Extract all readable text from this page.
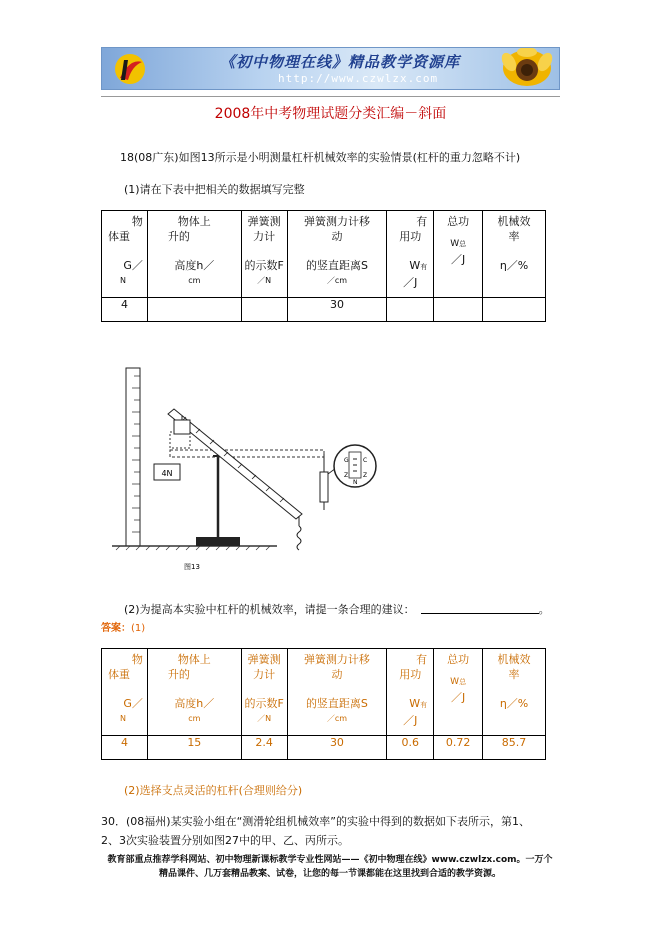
《初中物理在线》精品教学资源库
http://www.czwlzx.com
2008年中考物理试题分类汇编－斜面
18(08广东)如图13所示是小明测量杠杆机械效率的实验情景(杠杆的重力忽略不计)
(1)请在下表中把相关的数据填写完整
物
体重
G／
N	物体上
升的
高度h／
cm	弹簧测
力计
的示数F
／N	弹簧测力计移
动
的竖直距离S
／cm	有
用功
W有
／J	总功
W总
／J	机械效
率
η／%

4			30			
4N
G C
Z Z
N
图13
(2)为提高本实验中杠杆的机械效率，请提一条合理的建议：	。
答案：(1)
物
体重
G／
N	物体上
升的
高度h／
cm	弹簧测
力计
的示数F
／N	弹簧测力计移
动
的竖直距离S
／cm	有
用功
W有
／J	总功
W总
／J	机械效
率
η／%

4	15	2.4	30	0.6	0.72	85.7
(2)选择支点灵活的杠杆(合理则给分)
30．(08福州)某实验小组在“测滑轮组机械效率”的实验中得到的数据如下表所示，第1、
2、3次实验装置分别如图27中的甲、乙、丙所示。
教育部重点推荐学科网站、初中物理新课标教学专业性网站——《初中物理在线》www.czwlzx.com。一万个
精品课件、几万套精品教案、试卷，让您的每一节课都能在这里找到合适的教学资源。
